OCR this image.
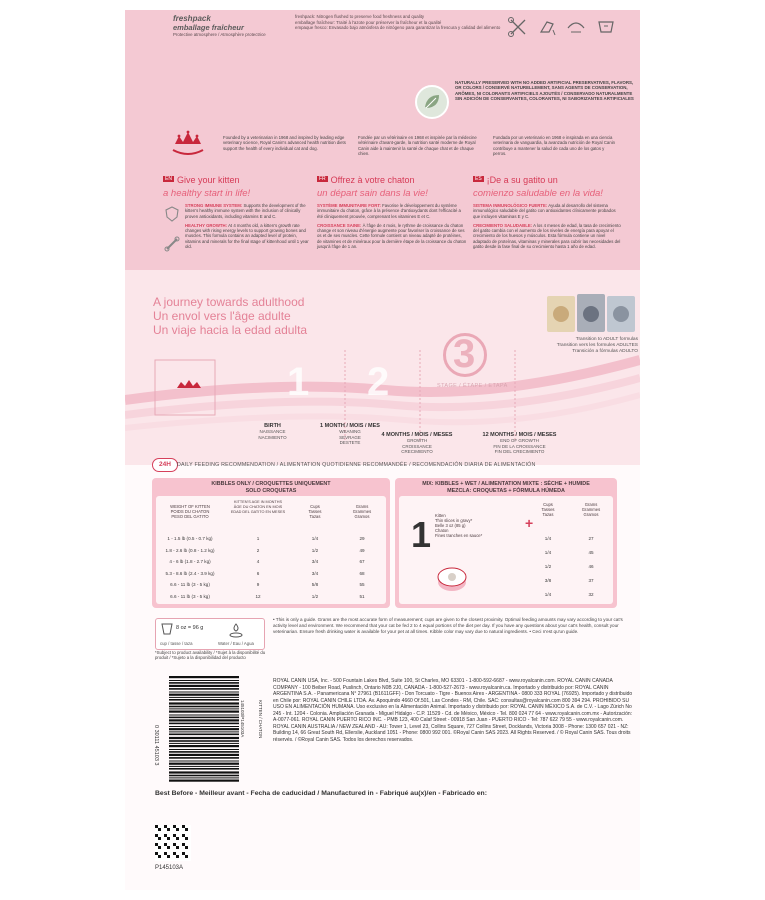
freshpack
emballage fraîcheur
Protective atmosphere / Atmosphère protectrice
freshpack: Nitrogen flushed to preserve food freshness and quality
emballage fraîcheur: Traité à l'azote pour préserver la fraîcheur et la qualité
empaque fresco: Envasado bajo atmósfera de nitrógeno para garantizar la frescura y calidad del alimento
NATURALLY PRESERVED WITH NO ADDED ARTIFICIAL PRESERVATIVES, FLAVORS, OR COLORS / CONSERVÉ NATURELLEMENT, SANS AGENTS DE CONSERVATION, ARÔMES, NI COLORANTS ARTIFICIELS AJOUTÉS / CONSERVADO NATURALMENTE SIN ADICIÓN DE CONSERVANTES, COLORANTES, NI SABORIZANTES ARTIFICIALES
Founded by a veterinarian in 1968 and inspired by leading edge veterinary science, Royal Canin's advanced health nutrition diets support the health of every individual cat and dog.
Fondée par un vétérinaire en 1968 et inspirée par la médecine vétérinaire d'avant-garde, la nutrition santé moderne de Royal Canin aide à maintenir la santé de chaque chat et de chaque chien.
Fundada por un veterinario en 1968 e inspirada en una ciencia veterinaria de vanguardia, la avanzada nutrición de Royal Canin contribuye a mantener la salud de cada uno de los gatos y perros.
EN Give your kitten
a healthy start in life!
STRONG IMMUNE SYSTEM: Supports the development of the kitten's healthy immune system with the inclusion of clinically proven antioxidants, including vitamins E and C.
HEALTHY GROWTH: At 4 months old, a kitten's growth rate changes with rising energy levels to support growing bones and muscles. This formula contains an adapted level of protein, vitamins and minerals for the final stage of kittenhood until 1 year old.
FR Offrez à votre chaton
un départ sain dans la vie!
SYSTÈME IMMUNITAIRE FORT: Favorise le développement du système immunitaire du chaton, grâce à la présence d'antioxydants dont l'efficacité a été cliniquement prouvée, comprenant les vitamines E et C.
CROISSANCE SAINE: À l'âge de 4 mois, le rythme de croissance du chaton change et son niveau d'énergie augmente pour favoriser la croissance de ses os et de ses muscles. Cette formule contient un niveau adapté de protéines, de vitamines et de minéraux pour la dernière étape de la croissance du chaton jusqu'à l'âge de 1 an.
ES ¡De a su gatito un
comienzo saludable en la vida!
SISTEMA INMUNOLÓGICO FUERTE: Ayuda al desarrollo del sistema inmunológico saludable del gatito con antioxidantes clínicamente probados que incluyen vitaminas E y C.
CRECIMIENTO SALUDABLE: A los 4 meses de edad, la tasa de crecimiento del gatito cambia con el aumento de los niveles de energía para apoyar el crecimiento de los huesos y músculos. Esta fórmula contiene un nivel adaptado de proteínas, vitaminas y minerales para cubrir las necesidades del gatito desde la fase final de su crecimiento hasta 1 año de edad.
A journey towards adulthood
Un envol vers l'âge adulte
Un viaje hacia la edad adulta
1 2
3
STAGE / ÉTAPE / ETAPA
BIRTH
NAISSANCE
NACIMIENTO
1 MONTH / MOIS / MES
WEANING
SEVRAGE
DESTETE
4 MONTHS / MOIS / MESES
GROWTH
CROISSANCE
CRECIMIENTO
12 MONTHS / MOIS / MESES
END OF GROWTH
FIN DE LA CROISSANCE
FIN DEL CRECIMIENTO
Transition to ADULT formulas
Transition vers les formules ADULTES
Transición a fórmulas ADULTO
24H	DAILY FEEDING RECOMMENDATION / ALIMENTATION QUOTIDIENNE RECOMMANDÉE / RECOMENDACIÓN DIARIA DE ALIMENTACIÓN
KIBBLES ONLY / CROQUETTES UNIQUEMENT
SOLO CROQUETAS
WEIGHT OF KITTEN
POIDS DU CHATON
PESO DEL GATITO
KITTEN'S AGE IN MONTHS
ÂGE DU CHATON EN MOIS
EDAD DEL GATITO EN MESES
Cups
Tasses
Tazas
Grams
Grammes
Gramos
1 - 1.5 lb (0.5 - 0.7 kg)	1	1/4	29
1.8 - 2.6 lb (0.8 - 1.2 kg)	2	1/2	49
4 - 6 lb (1.8 - 2.7 kg)	4	3/4	67
5.3 - 8.6 lb (2.4 - 3.9 kg)	6	3/4	68
6.6 - 11 lb (3 - 5 kg)	9	5/8	55
6.6 - 11 lb (3 - 5 kg)	12	1/2	51
MIX: KIBBLES + WET / ALIMENTATION MIXTE : SÈCHE + HUMIDE
MEZCLA: CROQUETAS + FÓRMULA HÚMEDA
1 Kitten
Thin slices in gravy*
Belle 3 oz (85 g)
Chaton
Fines tranches en sauce*
+
Cups
Tasses
Tazas
Grams
Grammes
Gramos
1/4	27
1/4	45
1/2	46
3/8	37
1/4	32
8 oz = 96 g
cup / tasse / taza	Water / Eau / Agua
*Subject to product availability / *Sujet à la disponibilité du produit / *Sujeto a la disponibilidad del producto
• This is only a guide. Grams are the most accurate form of measurement; cups are given to the closest proximity. Optimal feeding amounts may vary according to your cat's activity level and environment. We recommend that your cat be fed 2 to 4 equal portions of the diet per day. If you have any questions about your cat's health, consult your veterinarian. Ensure fresh drinking water is available for your pet at all times. Kibble color may vary due to natural ingredients. • Ceci n'est qu'un guide.
ROYAL CANIN USA, Inc. - 500 Fountain Lakes Blvd, Suite 100, St Charles, MO 63301 - 1-800-592-6687 - www.royalcanin.com. ROYAL CANIN CANADA COMPANY - 100 Beiber Road, Puslinch, Ontario N0B 2J0, CANADA - 1-800-527-2673 - www.royalcanin.ca. Importado y distribuido por: ROYAL CANIN ARGENTINA S.A. - Panamericana N° 27961 (B1611GFF) - Don Torcuato - Tigre - Buenos Aires - ARGENTINA - 0800 333 ROYAL (76925). Importado y distribuido en Chile por: ROYAL CANIN CHILE LTDA. Av. Apoquindo 4660 Of.501, Las Condes - RM, Chile. SAC: consultas@royalcanin.com 800 394 294. PROHIBIDO SU USO EN ALIMENTACIÓN HUMANA. Uso exclusivo en la Alimentación Animal. Importado y distribuido por: ROYAL CANIN MÉXICO S.A. de C.V. - Lago Zürich No 245 - Int. 1204 - Colonia. Ampliación Granada - Miguel Hidalgo - C.P. 11529 - Cd. de México, México - Tel. 800 024 77 64 - www.royalcanin.com.mx - Autorización: A-0077-061. ROYAL CANIN PUERTO RICO INC. - PMB 123, 400 Calaf Street - 00918 San Juan - PUERTO RICO - Tel: 787 622 79 55 - www.royalcanin.com. ROYAL CANIN AUSTRALIA / NEW ZEALAND - AU: Tower 1, Level 23, Collins Square, 727 Collins Street, Docklands, Victoria 3008 - Phone: 1300 657 021 - NZ: Building 14, 66 Great South Rd, Ellerslie, Auckland 1051 - Phone: 0800 992 001. ©Royal Canin SAS 2023. All Rights Reserved. / © Royal Canin SAS. Tous droits réservés. / ©Royal Canin SAS. Todos los derechos reservados.
0 30111 45103 3
145103/P145103A	KITTEN / CHATON
Best Before - Meilleur avant - Fecha de caducidad / Manufactured in - Fabriqué au(x)/en - Fabricado en:
P145103A
